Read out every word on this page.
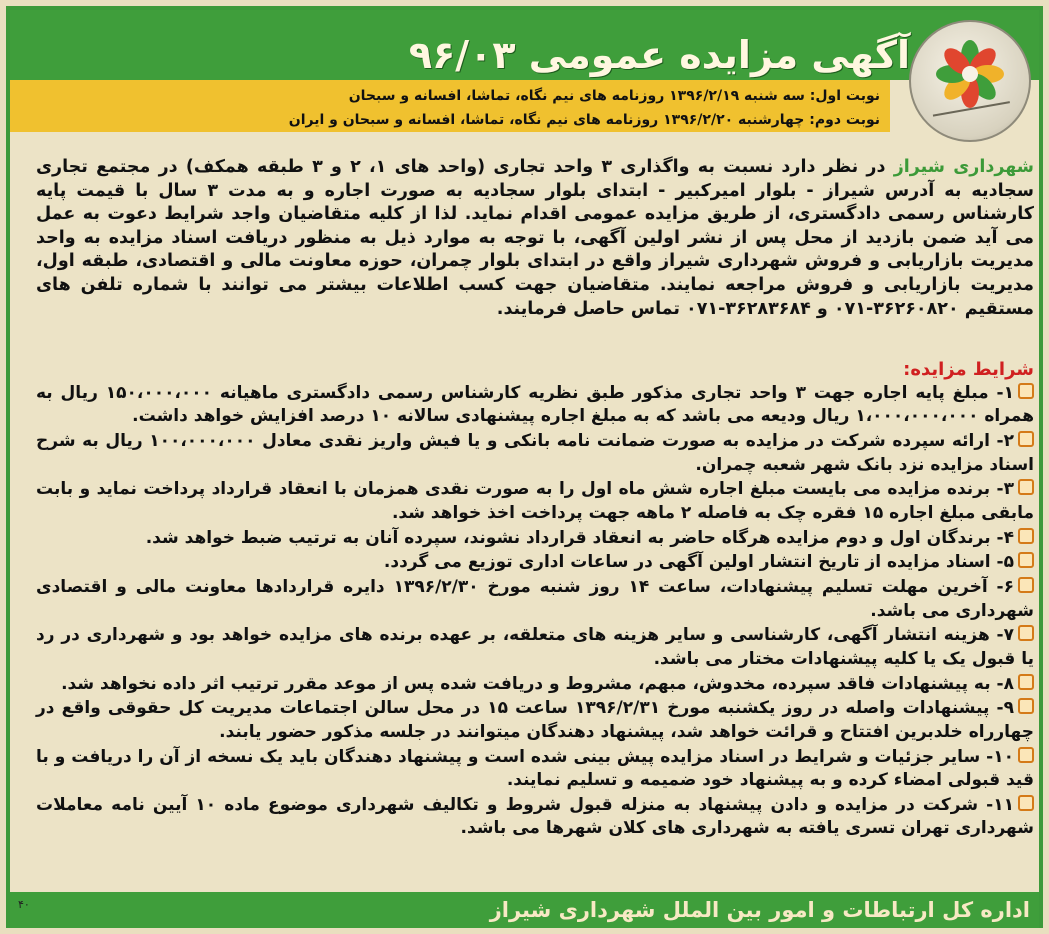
آگهی مزایده عمومی ۹۶/۰۳
نوبت اول: سه شنبه ۱۳۹۶/۲/۱۹ روزنامه های نیم نگاه، تماشا، افسانه و سبحان
نوبت دوم: چهارشنبه ۱۳۹۶/۲/۲۰ روزنامه های نیم نگاه، تماشا، افسانه و سبحان و ایران
شهرداری شیراز در نظر دارد نسبت به واگذاری ۳ واحد تجاری (واحد های ۱، ۲ و ۳ طبقه همکف) در مجتمع تجاری سجادیه به آدرس شیراز - بلوار امیرکبیر - ابتدای بلوار سجادیه به صورت اجاره و به مدت ۳ سال با قیمت پایه کارشناس رسمی دادگستری، از طریق مزایده عمومی اقدام نماید. لذا از کلیه متقاضیان واجد شرایط دعوت به عمل می آید ضمن بازدید از محل پس از نشر اولین آگهی، با توجه به موارد ذیل به منظور دریافت اسناد مزایده به واحد مدیریت بازاریابی و فروش شهرداری شیراز واقع در ابتدای بلوار چمران، حوزه معاونت مالی و اقتصادی، طبقه اول، مدیریت بازاریابی و فروش مراجعه نمایند. متقاضیان جهت کسب اطلاعات بیشتر می توانند با شماره تلفن های مستقیم ۳۶۲۶۰۸۲۰-۰۷۱ و ۳۶۲۸۳۶۸۴-۰۷۱ تماس حاصل فرمایند.
شرایط مزایده:
۱- مبلغ پایه اجاره جهت ۳ واحد تجاری مذکور طبق نظریه کارشناس رسمی دادگستری ماهیانه ۱۵۰،۰۰۰،۰۰۰ ریال به همراه ۱،۰۰۰،۰۰۰،۰۰۰ ریال ودیعه می باشد که به مبلغ اجاره پیشنهادی سالانه ۱۰ درصد افزایش خواهد داشت.
۲- ارائه سپرده شرکت در مزایده به صورت ضمانت نامه بانکی و یا فیش واریز نقدی معادل ۱۰۰،۰۰۰،۰۰۰ ریال به شرح اسناد مزایده نزد بانک شهر شعبه چمران.
۳- برنده مزایده می بایست مبلغ اجاره شش ماه اول را به صورت نقدی همزمان با انعقاد قرارداد پرداخت نماید و بابت مابقی مبلغ اجاره ۱۵ فقره چک به فاصله ۲ ماهه جهت پرداخت اخذ خواهد شد.
۴- برندگان اول و دوم مزایده هرگاه حاضر به انعقاد قرارداد نشوند، سپرده آنان به ترتیب ضبط خواهد شد.
۵- اسناد مزایده از تاریخ انتشار اولین آگهی در ساعات اداری توزیع می گردد.
۶- آخرین مهلت تسلیم پیشنهادات، ساعت ۱۴ روز شنبه مورخ ۱۳۹۶/۲/۳۰ دایره قراردادها معاونت مالی و اقتصادی شهرداری می باشد.
۷- هزینه انتشار آگهی، کارشناسی و سایر هزینه های متعلقه، بر عهده برنده های مزایده خواهد بود و شهرداری در رد یا قبول یک یا کلیه پیشنهادات مختار می باشد.
۸- به پیشنهادات فاقد سپرده، مخدوش، مبهم، مشروط و دریافت شده پس از موعد مقرر ترتیب اثر داده نخواهد شد.
۹- پیشنهادات واصله در روز یکشنبه مورخ ۱۳۹۶/۲/۳۱ ساعت ۱۵ در محل سالن اجتماعات مدیریت کل حقوقی واقع در چهارراه خلدبرین افتتاح و قرائت خواهد شد، پیشنهاد دهندگان میتوانند در جلسه مذکور حضور یابند.
۱۰- سایر جزئیات و شرایط در اسناد مزایده پیش بینی شده است و پیشنهاد دهندگان باید یک نسخه از آن را دریافت و با قید قبولی امضاء کرده و به پیشنهاد خود ضمیمه و تسلیم نمایند.
۱۱- شرکت در مزایده و دادن پیشنهاد به منزله قبول شروط و تکالیف شهرداری موضوع ماده ۱۰ آیین نامه معاملات شهرداری تهران تسری یافته به شهرداری های کلان شهرها می باشد.
اداره کل ارتباطات و امور بین الملل شهرداری شیراز
۴۰
